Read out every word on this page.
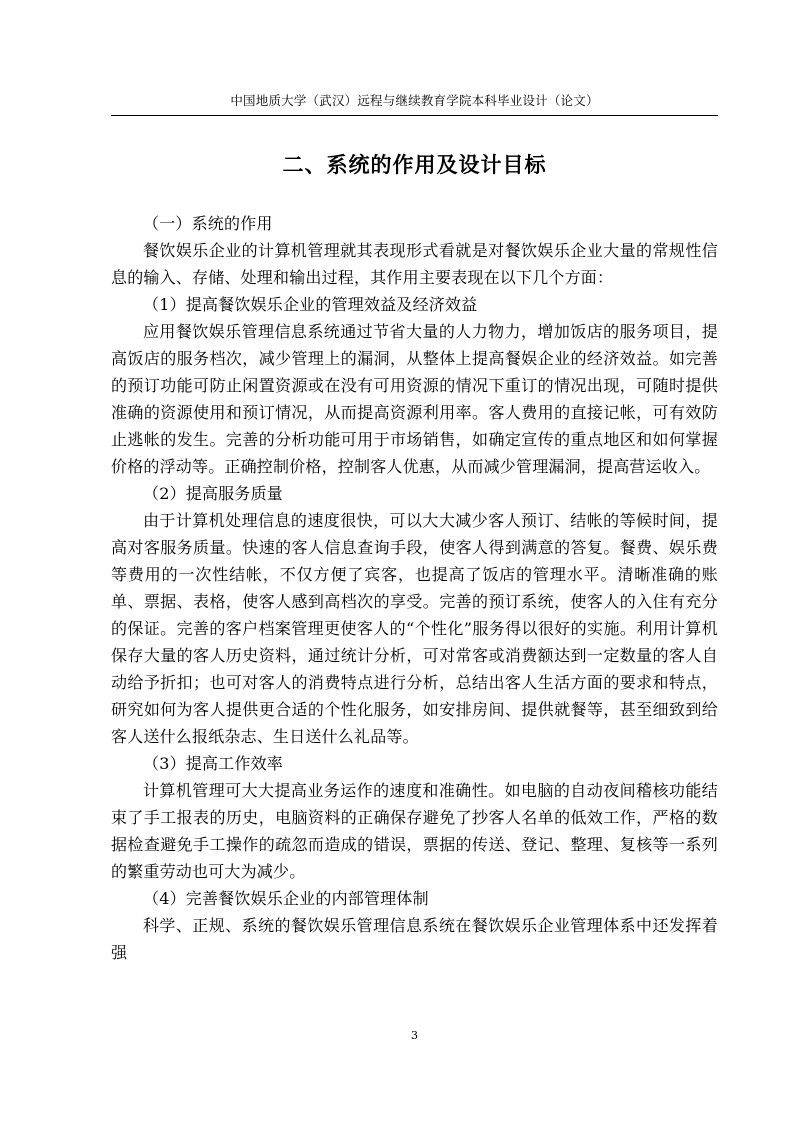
中国地质大学（武汉）远程与继续教育学院本科毕业设计（论文）
二、系统的作用及设计目标

（一）系统的作用

餐饮娱乐企业的计算机管理就其表现形式看就是对餐饮娱乐企业大量的常规性信息的输入、存储、处理和输出过程，其作用主要表现在以下几个方面：

（1）提高餐饮娱乐企业的管理效益及经济效益

应用餐饮娱乐管理信息系统通过节省大量的人力物力，增加饭店的服务项目，提高饭店的服务档次，减少管理上的漏洞，从整体上提高餐娱企业的经济效益。如完善的预订功能可防止闲置资源或在没有可用资源的情况下重订的情况出现，可随时提供准确的资源使用和预订情况，从而提高资源利用率。客人费用的直接记帐，可有效防止逃帐的发生。完善的分析功能可用于市场销售，如确定宣传的重点地区和如何掌握价格的浮动等。正确控制价格，控制客人优惠，从而减少管理漏洞，提高营运收入。

（2）提高服务质量

由于计算机处理信息的速度很快，可以大大减少客人预订、结帐的等候时间，提高对客服务质量。快速的客人信息查询手段，使客人得到满意的答复。餐费、娱乐费等费用的一次性结帐，不仅方便了宾客，也提高了饭店的管理水平。清晰准确的账单、票据、表格，使客人感到高档次的享受。完善的预订系统，使客人的入住有充分的保证。完善的客户档案管理更使客人的“个性化”服务得以很好的实施。利用计算机保存大量的客人历史资料，通过统计分析，可对常客或消费额达到一定数量的客人自动给予折扣；也可对客人的消费特点进行分析，总结出客人生活方面的要求和特点，研究如何为客人提供更合适的个性化服务，如安排房间、提供就餐等，甚至细致到给客人送什么报纸杂志、生日送什么礼品等。

（3）提高工作效率

计算机管理可大大提高业务运作的速度和准确性。如电脑的自动夜间稽核功能结束了手工报表的历史，电脑资料的正确保存避免了抄客人名单的低效工作，严格的数据检查避免手工操作的疏忽而造成的错误，票据的传送、登记、整理、复核等一系列的繁重劳动也可大为减少。

（4）完善餐饮娱乐企业的内部管理体制

科学、正规、系统的餐饮娱乐管理信息系统在餐饮娱乐企业管理体系中还发挥着强

3
